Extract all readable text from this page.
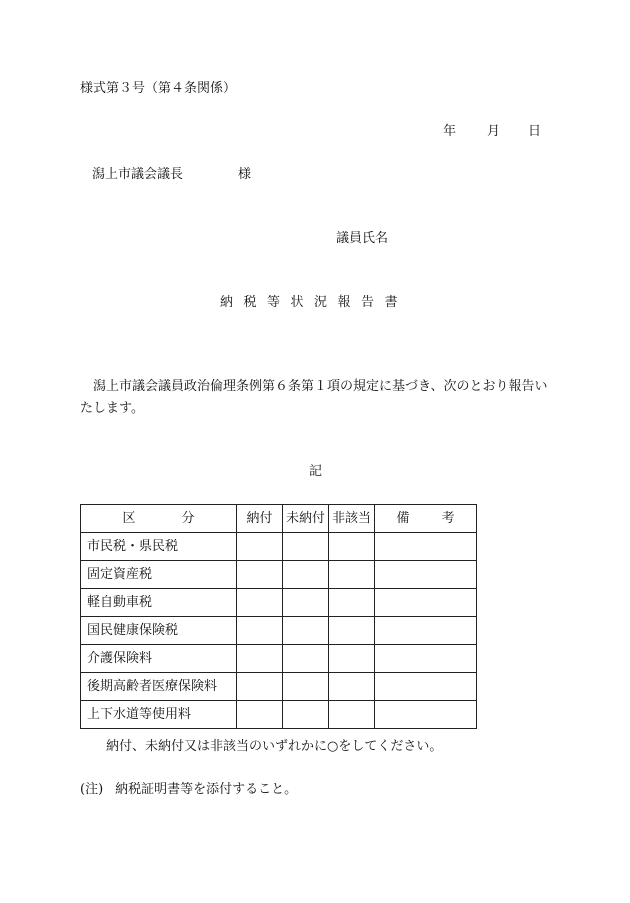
様式第３号（第４条関係）
年 月 日
潟上市議会議長	様
議員氏名
納税等状況報告書
潟上市議会議員政治倫理条例第６条第１項の規定に基づき、次のとおり報告いたします。
記
区分	納付	未納付	非該当	備考
市民税・県民税				
固定資産税				
軽自動車税				
国民健康保険税				
介護保険料				
後期高齢者医療保険料				
上下水道等使用料				
納付、未納付又は非該当のいずれかに○をしてください。
(注) 納税証明書等を添付すること。
